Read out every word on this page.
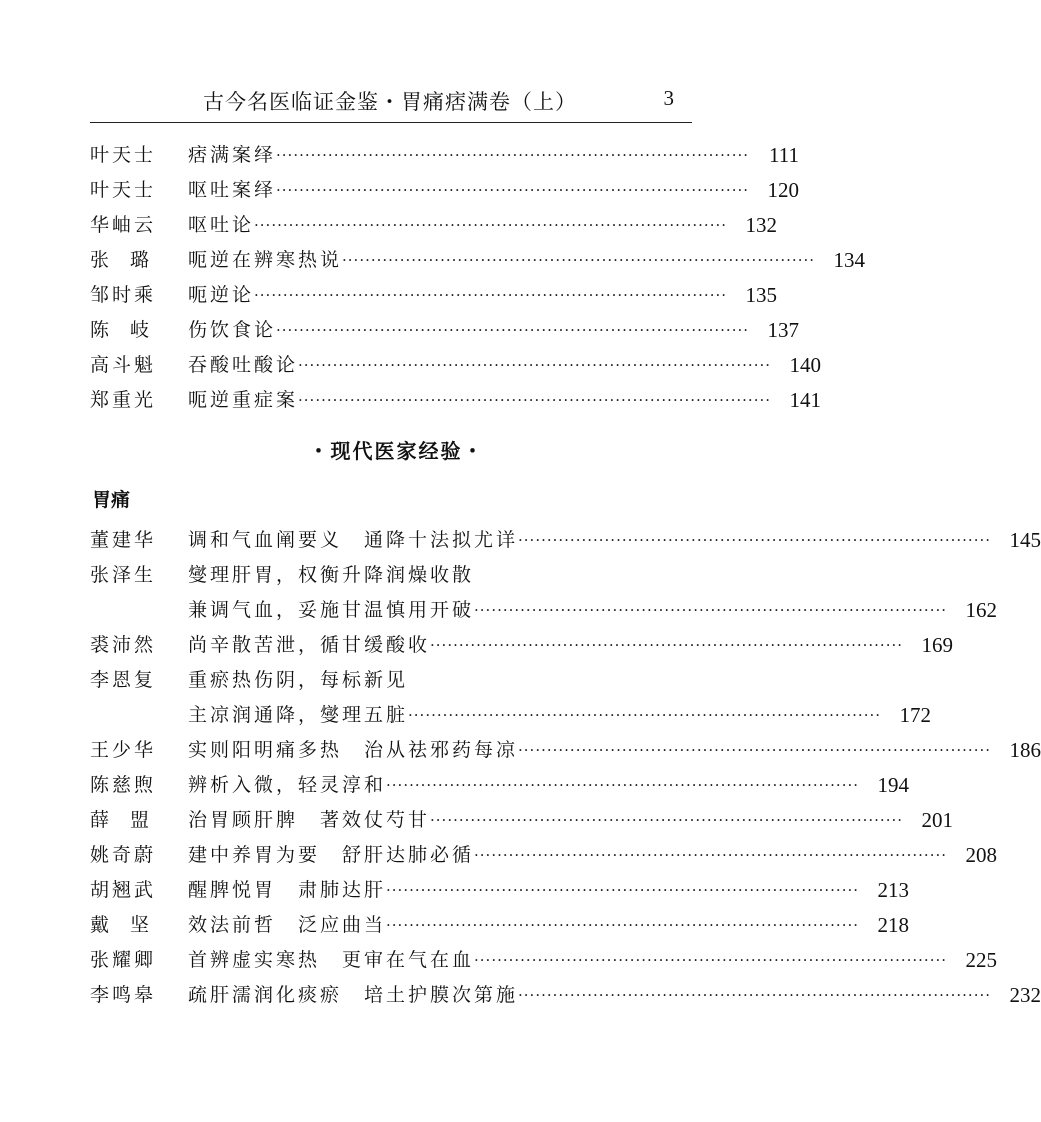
古今名医临证金鉴・胃痛痞满卷（上）	3
叶天士	痞满案绎 ·················································································· 111
叶天士	呕吐案绎 ·················································································· 120
华岫云	呕吐论 ·················································································· 132
张璐 呃逆在辨寒热说 ·················································································· 134
邹时乘	呃逆论 ·················································································· 135
陈岐 伤饮食论 ·················································································· 137
高斗魁	吞酸吐酸论 ·················································································· 140
郑重光	呃逆重症案 ·················································································· 141
・现代医家经验・
胃痛
董建华	调和气血阐要义　通降十法拟尤详 ·················································································· 145
张泽生	燮理肝胃，权衡升降润燥收散
兼调气血，妥施甘温慎用开破 ·················································································· 162
裘沛然	尚辛散苦泄，循甘缓酸收 ·················································································· 169
李恩复	重瘀热伤阴，每标新见
主凉润通降，燮理五脏 ·················································································· 172
王少华	实则阳明痛多热　治从祛邪药每凉 ·················································································· 186
陈慈煦	辨析入微，轻灵淳和 ·················································································· 194
薛盟 治胃顾肝脾　著效仗芍甘 ·················································································· 201
姚奇蔚	建中养胃为要　舒肝达肺必循 ·················································································· 208
胡翘武	醒脾悦胃　肃肺达肝 ·················································································· 213
戴坚 效法前哲　泛应曲当 ·················································································· 218
张耀卿	首辨虚实寒热　更审在气在血 ·················································································· 225
李鸣皋	疏肝濡润化痰瘀　培土护膜次第施 ·················································································· 232
